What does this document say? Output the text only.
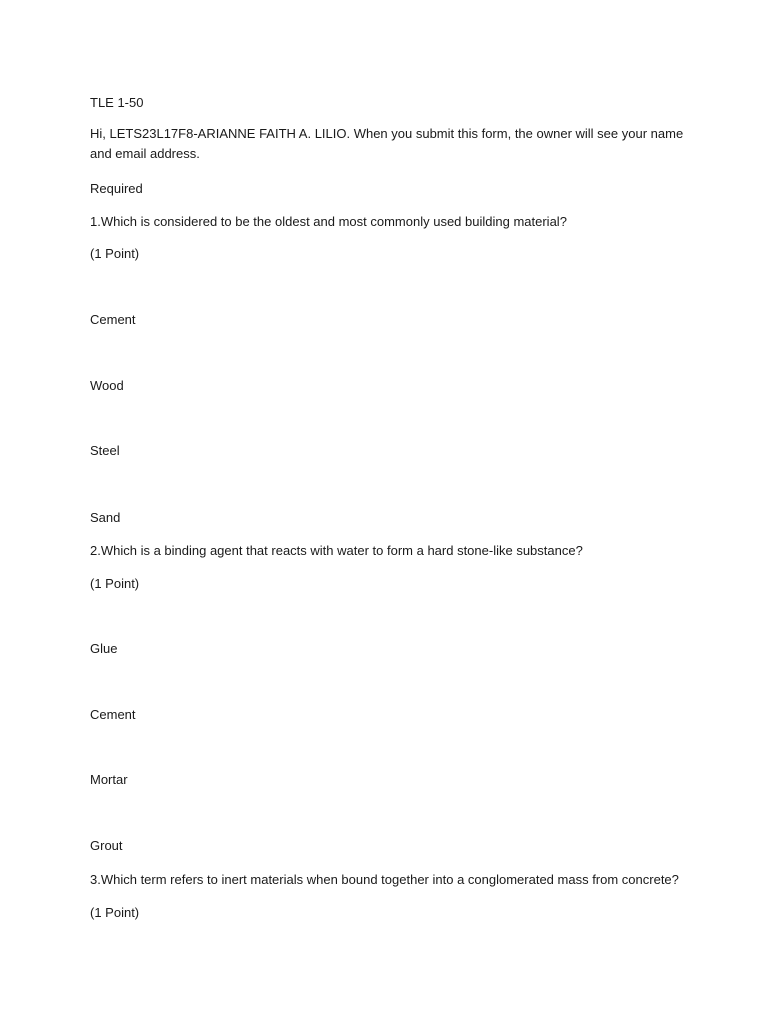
TLE 1-50
Hi, LETS23L17F8-ARIANNE FAITH A. LILIO. When you submit this form, the owner will see your name and email address.
Required
1.Which is considered to be the oldest and most commonly used building material?
(1 Point)
Cement
Wood
Steel
Sand
2.Which is a binding agent that reacts with water to form a hard stone-like substance?
(1 Point)
Glue
Cement
Mortar
Grout
3.Which term refers to inert materials when bound together into a conglomerated mass from concrete?
(1 Point)
